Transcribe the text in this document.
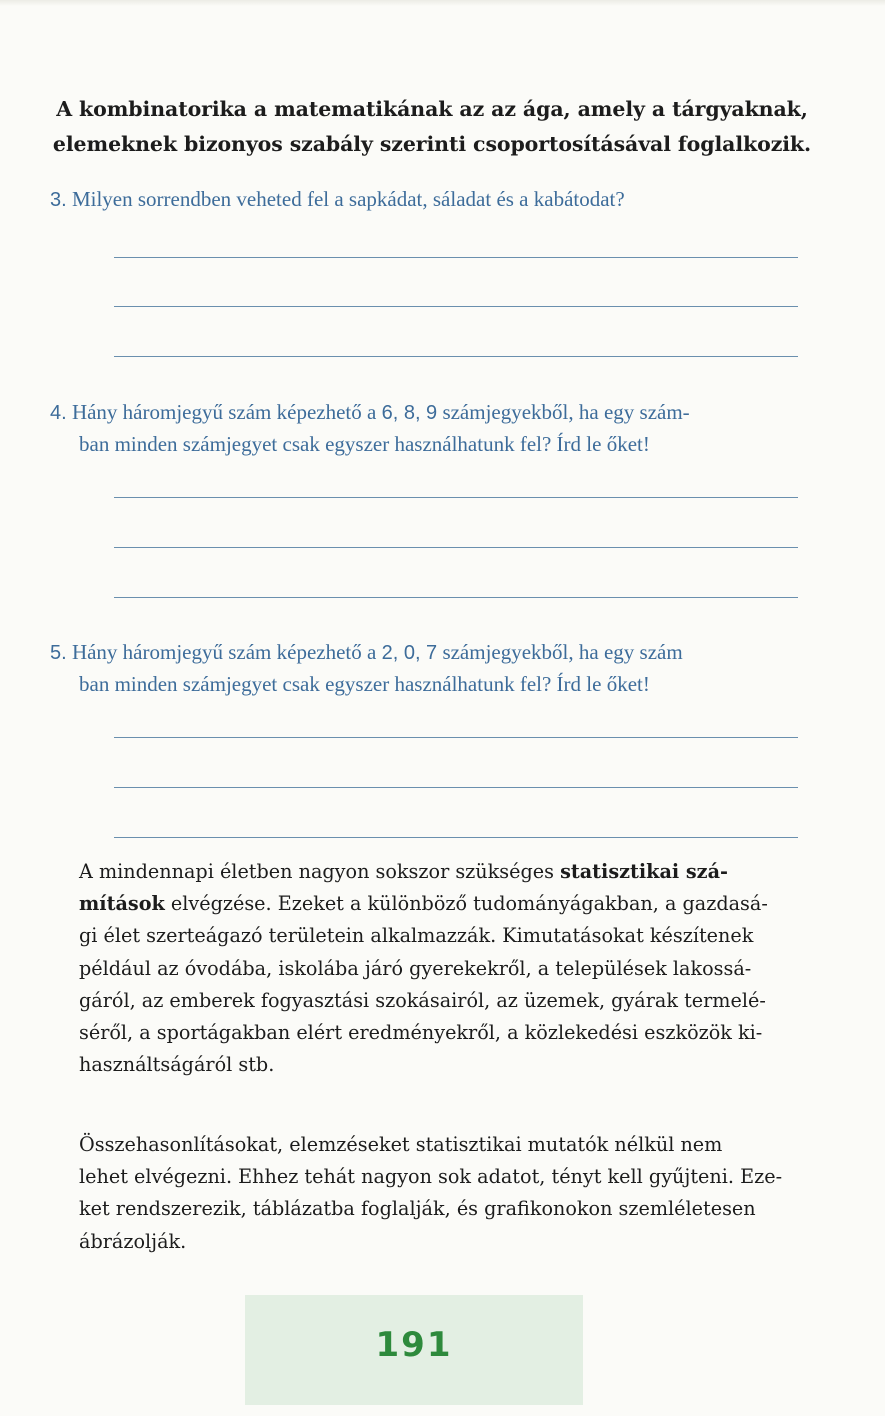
A kombinatorika a matematikának az az ága, amely a tárgyaknak,
elemeknek bizonyos szabály szerinti csoportosításával foglalkozik.

3. Milyen sorrendben veheted fel a sapkádat, sáladat és a kabátodat?
4. Hány háromjegyű szám képezhető a 6, 8, 9 számjegyekből, ha egy szám-
ban minden számjegyet csak egyszer használhatunk fel? Írd le őket!
5. Hány háromjegyű szám képezhető a 2, 0, 7 számjegyekből, ha egy szám
ban minden számjegyet csak egyszer használhatunk fel? Írd le őket!

A mindennapi életben nagyon sokszor szükséges statisztikai szá-
mítások elvégzése. Ezeket a különböző tudományágakban, a gazdasá-
gi élet szerteágazó területein alkalmazzák. Kimutatásokat készítenek
például az óvodába, iskolába járó gyerekekről, a települések lakossá-
gáról, az emberek fogyasztási szokásairól, az üzemek, gyárak termelé-
séről, a sportágakban elért eredményekről, a közlekedési eszközök ki-
használtságáról stb.

Összehasonlításokat, elemzéseket statisztikai mutatók nélkül nem
lehet elvégezni. Ehhez tehát nagyon sok adatot, tényt kell gyűjteni. Eze-
ket rendszerezik, táblázatba foglalják, és grafikonokon szemléletesen
ábrázolják.

191
